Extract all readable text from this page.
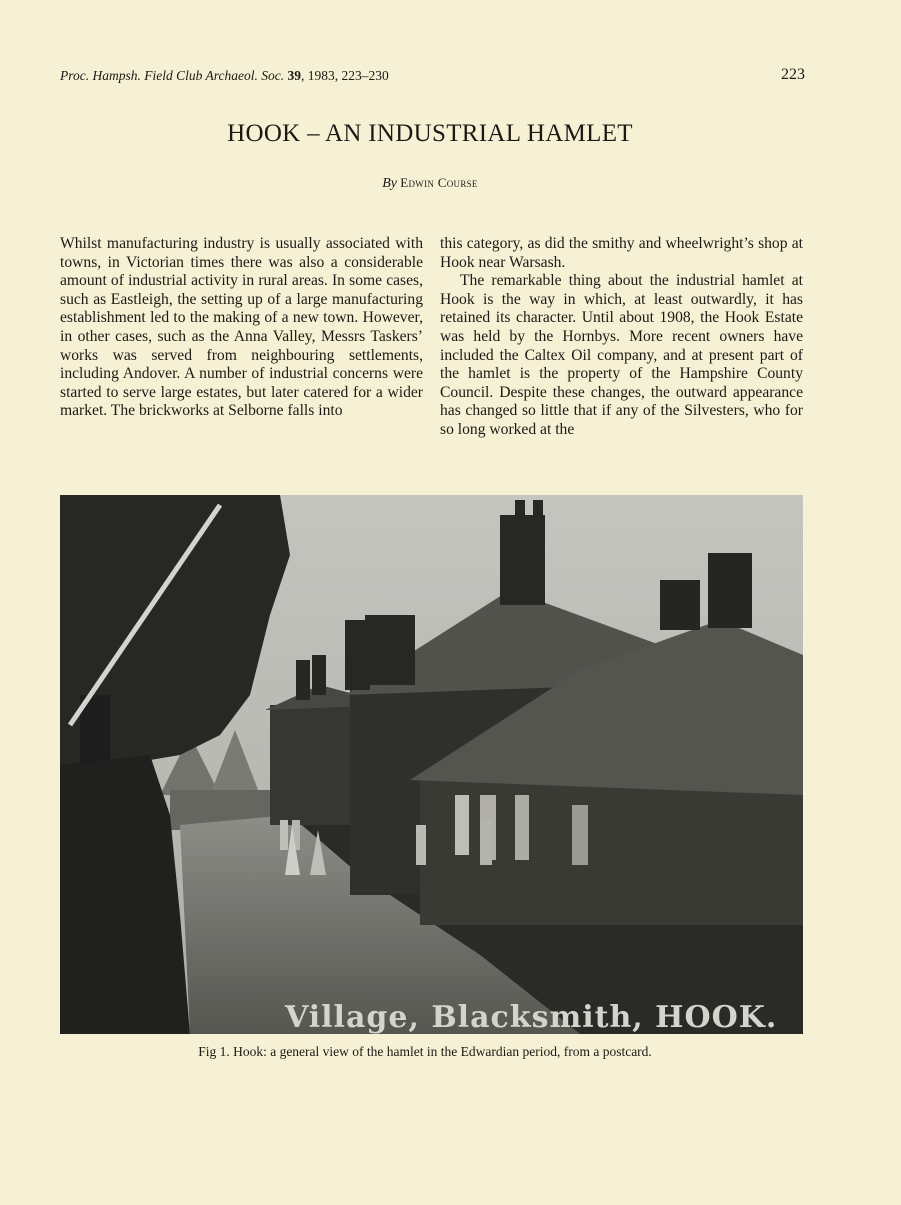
Proc. Hampsh. Field Club Archaeol. Soc. 39, 1983, 223–230	223
HOOK – AN INDUSTRIAL HAMLET
By Edwin Course

Whilst manufacturing industry is usually associated with towns, in Victorian times there was also a considerable amount of industrial activity in rural areas. In some cases, such as Eastleigh, the setting up of a large manufacturing establishment led to the making of a new town. However, in other cases, such as the Anna Valley, Messrs Taskers’ works was served from neighbouring settlements, including Andover. A number of industrial concerns were started to serve large estates, but later catered for a wider market. The brickworks at Selborne falls into

this category, as did the smithy and wheelwright’s shop at Hook near Warsash.

The remarkable thing about the industrial hamlet at Hook is the way in which, at least outwardly, it has retained its character. Until about 1908, the Hook Estate was held by the Hornbys. More recent owners have included the Caltex Oil company, and at present part of the hamlet is the property of the Hampshire County Council. Despite these changes, the outward appearance has changed so little that if any of the Silvesters, who for so long worked at the

Village, Blacksmith, HOOK.
Fig 1. Hook: a general view of the hamlet in the Edwardian period, from a postcard.
